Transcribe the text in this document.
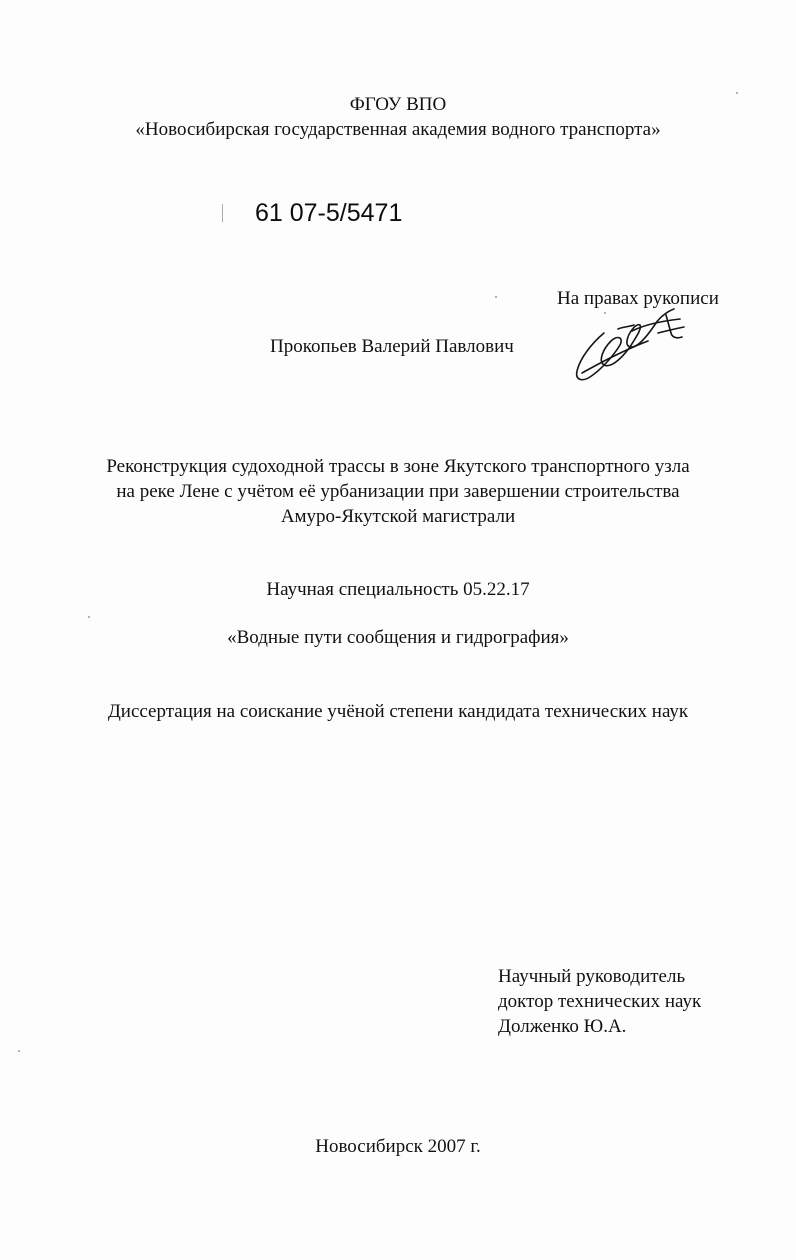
ФГОУ ВПО
«Новосибирская государственная академия водного транспорта»
61 07-5/5471
На правах рукописи
Прокопьев Валерий Павлович
Реконструкция судоходной трассы в зоне Якутского транспортного узла
на реке Лене с учётом её урбанизации при завершении строительства
Амуро-Якутской магистрали
Научная специальность 05.22.17
«Водные пути сообщения и гидрография»
Диссертация на соискание учёной степени кандидата технических наук
Научный руководитель
доктор технических наук
Долженко Ю.А.
Новосибирск 2007 г.
